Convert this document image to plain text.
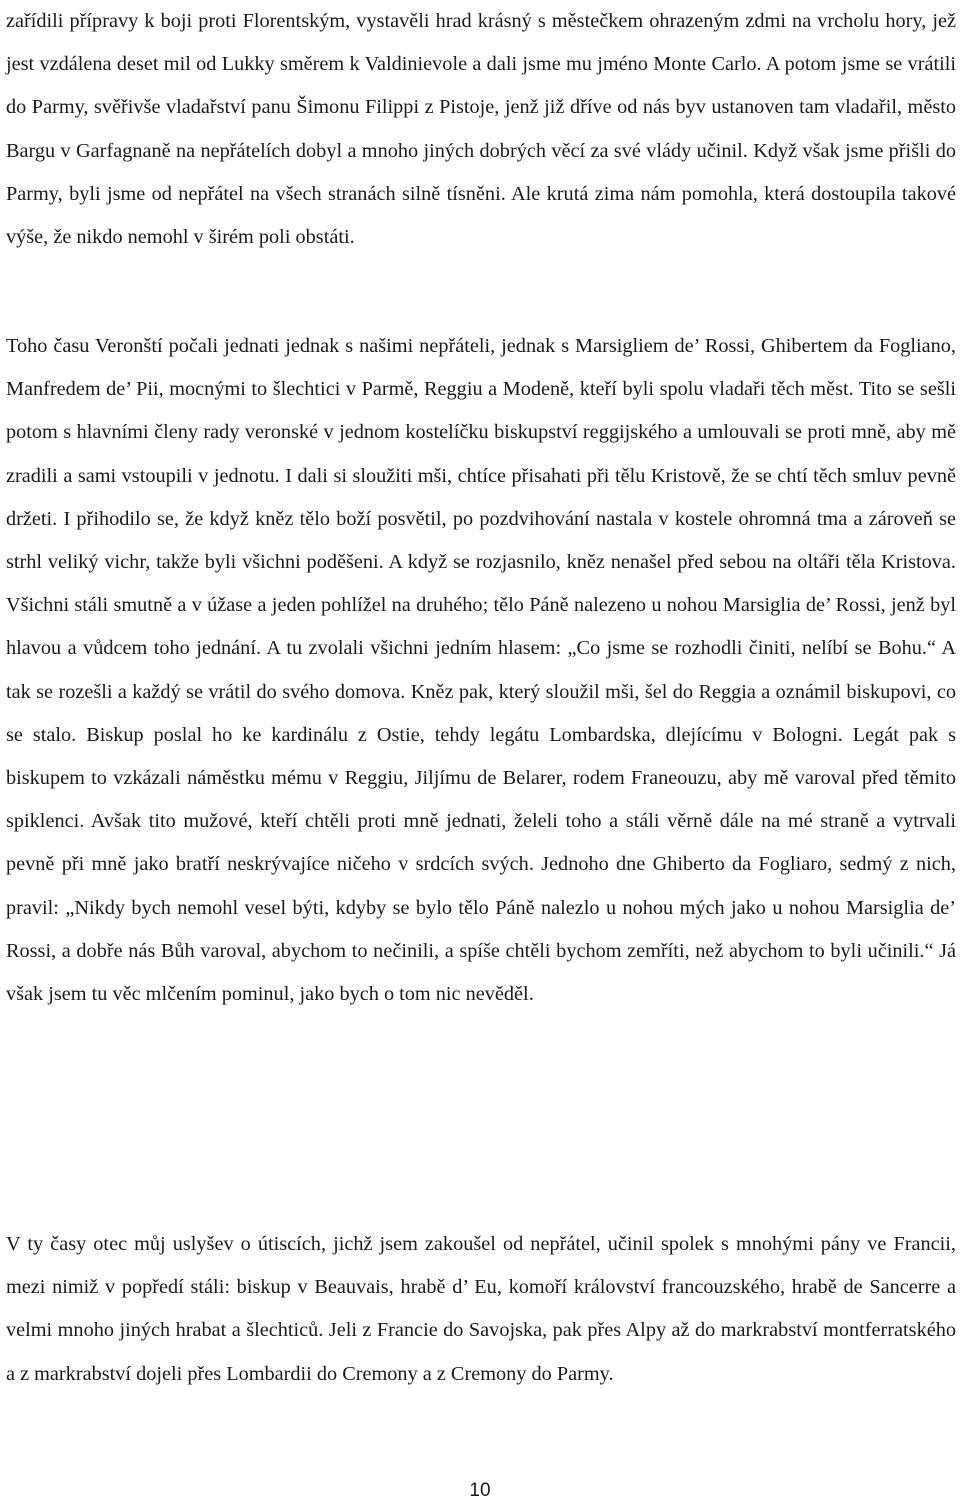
zařídili přípravy k boji proti Florentským, vystavěli hrad krásný s městečkem ohrazeným zdmi na vrcholu hory, jež jest vzdálena deset mil od Lukky směrem k Valdinievole a dali jsme mu jméno Monte Carlo. A potom jsme se vrátili do Parmy, svěřivše vladařství panu Šimonu Filippi z Pistoje, jenž již dříve od nás byv ustanoven tam vladařil, město Bargu v Garfagnaně na nepřátelích dobyl a mnoho jiných dobrých věcí za své vlády učinil. Když však jsme přišli do Parmy, byli jsme od nepřátel na všech stranách silně tísněni. Ale krutá zima nám pomohla, která dostoupila takové výše, že nikdo nemohl v širém poli obstáti.

Toho času Veronští počali jednati jednak s našimi nepřáteli, jednak s Marsigliem de’ Rossi, Ghibertem da Fogliano, Manfredem de’ Pii, mocnými to šlechtici v Parmě, Reggiu a Modeně, kteří byli spolu vladaři těch měst. Tito se sešli potom s hlavními členy rady veronské v jednom kostelíčku biskupství reggijského a umlouvali se proti mně, aby mě zradili a sami vstoupili v jednotu. I dali si sloužiti mši, chtíce přisahati při tělu Kristově, že se chtí těch smluv pevně držeti. I přihodilo se, že když kněz tělo boží posvětil, po pozdvihování nastala v kostele ohromná tma a zároveň se strhl veliký vichr, takže byli všichni poděšeni. A když se rozjasnilo, kněz nenašel před sebou na oltáři těla Kristova. Všichni stáli smutně a v úžase a jeden pohlížel na druhého; tělo Páně nalezeno u nohou Marsiglia de’ Rossi, jenž byl hlavou a vůdcem toho jednání. A tu zvolali všichni jedním hlasem: „Co jsme se rozhodli činiti, nelíbí se Bohu.“ A tak se rozešli a každý se vrátil do svého domova. Kněz pak, který sloužil mši, šel do Reggia a oznámil biskupovi, co se stalo. Biskup poslal ho ke kardinálu z Ostie, tehdy legátu Lombardska, dlejícímu v Bologni. Legát pak s biskupem to vzkázali náměstku mému v Reggiu, Jiljímu de Belarer, rodem Franeouzu, aby mě varoval před těmito spiklenci. Avšak tito mužové, kteří chtěli proti mně jednati, želeli toho a stáli věrně dále na mé straně a vytrvali pevně při mně jako bratří neskrývajíce ničeho v srdcích svých. Jednoho dne Ghiberto da Fogliaro, sedmý z nich, pravil: „Nikdy bych nemohl vesel býti, kdyby se bylo tělo Páně nalezlo u nohou mých jako u nohou Marsiglia de’ Rossi, a dobře nás Bůh varoval, abychom to nečinili, a spíše chtěli bychom zemříti, než abychom to byli učinili.“ Já však jsem tu věc mlčením pominul, jako bych o tom nic nevěděl.

V ty časy otec můj uslyšev o útiscích, jichž jsem zakoušel od nepřátel, učinil spolek s mnohými pány ve Francii, mezi nimiž v popředí stáli: biskup v Beauvais, hrabě d’ Eu, komoří království francouzského, hrabě de Sancerre a velmi mnoho jiných hrabat a šlechticů. Jeli z Francie do Savojska, pak přes Alpy až do markrabství montferratského a z markrabství dojeli přes Lombardii do Cremony a z Cremony do Parmy.

10
